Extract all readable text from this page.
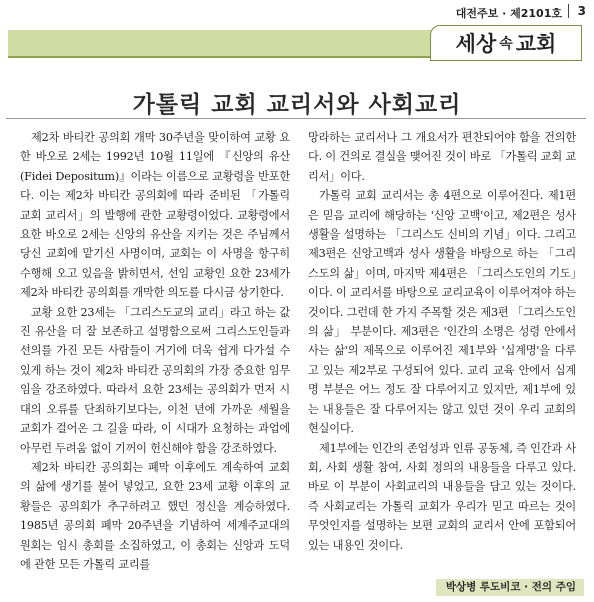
대전주보 · 제2101호 3
세상 속 교회
가톨릭 교회 교리서와 사회교리

제2차 바티칸 공의회 개막 30주년을 맞이하여 교황 요한 바오로 2세는 1992년 10월 11일에 『신앙의 유산(Fidei Depositum)』이라는 이름으로 교황령을 반포한다. 이는 제2차 바티칸 공의회에 따라 준비된 「가톨릭 교회 교리서」의 발행에 관한 교황령이었다. 교황령에서 요한 바오로 2세는 신앙의 유산을 지키는 것은 주님께서 당신 교회에 맡기신 사명이며, 교회는 이 사명을 항구히 수행해 오고 있음을 밝히면서, 선임 교황인 요한 23세가 제2차 바티칸 공의회를 개막한 의도를 다시금 상기한다.

교황 요한 23세는 「그리스도교의 교리」라고 하는 값진 유산을 더 잘 보존하고 설명함으로써 그리스도인들과 선의를 가진 모든 사람들이 거기에 더욱 쉽게 다가설 수 있게 하는 것이 제2차 바티칸 공의회의 가장 중요한 임무임을 강조하였다. 따라서 요한 23세는 공의회가 먼저 시대의 오류를 단죄하기보다는, 이천 년에 가까운 세월을 교회가 걸어온 그 길을 따라, 이 시대가 요청하는 과업에 아무런 두려움 없이 기꺼이 헌신해야 함을 강조하였다.

제2차 바티칸 공의회는 폐막 이후에도 계속하여 교회의 삶에 생기를 불어 넣었고, 요한 23세 교황 이후의 교황들은 공의회가 추구하려고 했던 정신을 계승하였다. 1985년 공의회 폐막 20주년을 기념하여 세계주교대의원회는 임시 총회를 소집하였고, 이 총회는 신앙과 도덕에 관한 모든 가톨릭 교리를

망라하는 교리서나 그 개요서가 편찬되어야 함을 건의한다. 이 건의로 결실을 맺어진 것이 바로 「가톨릭 교회 교리서」이다.

가톨릭 교회 교리서는 총 4편으로 이루어진다. 제1편은 믿음 교리에 해당하는 '신앙 고백'이고, 제2편은 성사 생활을 설명하는 「그리스도 신비의 기념」이다. 그리고 제3편은 신앙고백과 성사 생활을 바탕으로 하는 「그리스도의 삶」이며, 마지막 제4편은 「그리스도인의 기도」이다. 이 교리서를 바탕으로 교리교육이 이루어져야 하는 것이다. 그런데 한 가지 주목할 것은 제3편 「그리스도인의 삶」 부분이다. 제3편은 '인간의 소명은 성령 안에서 사는 삶'의 제목으로 이루어진 제1부와 '십계명'을 다루고 있는 제2부로 구성되어 있다. 교리 교육 안에서 십계명 부분은 어느 정도 잘 다루어지고 있지만, 제1부에 있는 내용들은 잘 다루어지는 않고 있던 것이 우리 교회의 현실이다.

제1부에는 인간의 존엄성과 인류 공동체, 즉 인간과 사회, 사회 생활 참여, 사회 정의의 내용들을 다루고 있다. 바로 이 부분이 사회교리의 내용들을 담고 있는 것이다. 즉 사회교리는 가톨릭 교회가 우리가 믿고 따르는 것이 무엇인지를 설명하는 보편 교회의 교리서 안에 포함되어 있는 내용인 것이다.

박상병 루도비코 · 전의 주임
